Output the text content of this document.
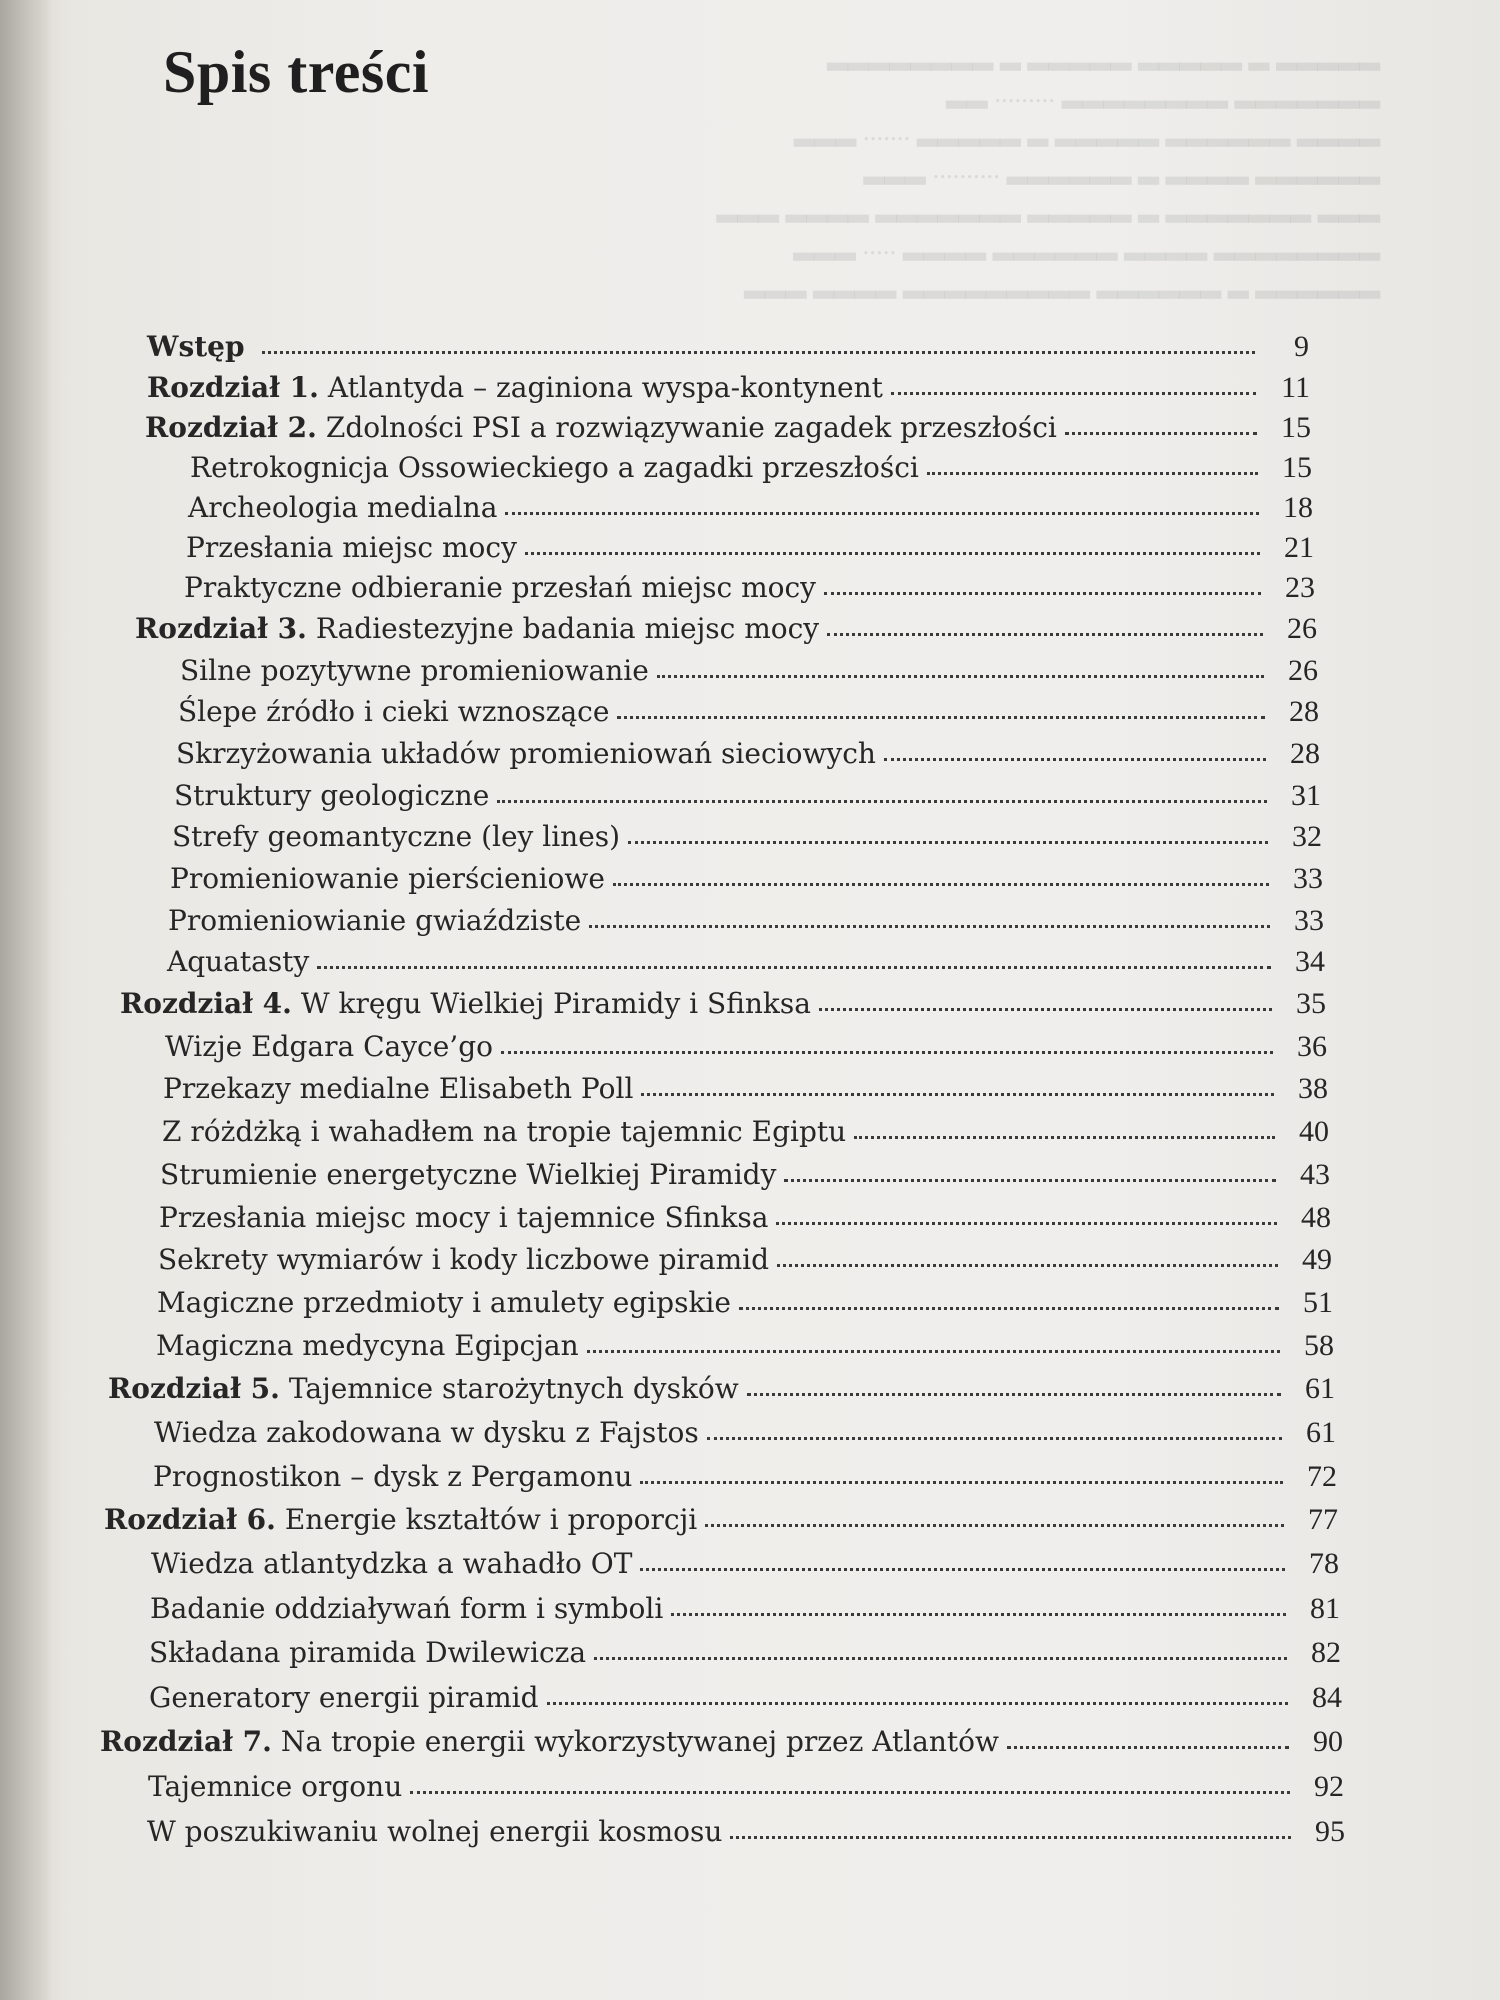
▂▂▂▂▂ ▂ ▂▂▂▂▂ ▂▂▂▂▂ ▂ ▂▂▂▂▂▂▂▂
▂▂▂▂▂▂▂ ▂▂▂▂▂▂▂▂ ......... ▂▂
▂▂▂▂ ▂▂▂▂▂▂ ▂▂▂▂▂ ▂ ▂▂▂▂▂ ....... ▂▂▂
▂▂▂▂▂▂ ▂▂▂▂ ▂ ▂▂▂▂▂▂ .......... ▂▂▂
▂▂▂ ▂▂▂▂▂▂▂ ▂ ▂▂▂▂▂ ▂▂▂▂▂▂▂ ▂▂▂▂ ▂▂▂
▂▂▂▂▂▂▂▂ ▂▂▂▂ ▂▂▂▂▂▂ ▂▂▂▂ ..... ▂▂▂
▂▂▂▂▂▂ ▂ ▂▂▂▂▂▂ ▂▂▂▂▂▂▂▂▂ ▂▂▂▂ ▂▂▂
Spis treści
Wstęp	9
Rozdział 1. Atlantyda – zaginiona wyspa-kontynent	11
Rozdział 2. Zdolności PSI a rozwiązywanie zagadek przeszłości	15
Retrokognicja Ossowieckiego a zagadki przeszłości	15
Archeologia medialna	18
Przesłania miejsc mocy	21
Praktyczne odbieranie przesłań miejsc mocy	23
Rozdział 3. Radiestezyjne badania miejsc mocy	26
Silne pozytywne promieniowanie	26
Ślepe źródło i cieki wznoszące	28
Skrzyżowania układów promieniowań sieciowych	28
Struktury geologiczne	31
Strefy geomantyczne (ley lines)	32
Promieniowanie pierścieniowe	33
Promieniowianie gwiaździste	33
Aquatasty	34
Rozdział 4. W kręgu Wielkiej Piramidy i Sfinksa	35
Wizje Edgara Cayce’go	36
Przekazy medialne Elisabeth Poll	38
Z różdżką i wahadłem na tropie tajemnic Egiptu	40
Strumienie energetyczne Wielkiej Piramidy	43
Przesłania miejsc mocy i tajemnice Sfinksa	48
Sekrety wymiarów i kody liczbowe piramid	49
Magiczne przedmioty i amulety egipskie	51
Magiczna medycyna Egipcjan	58
Rozdział 5. Tajemnice starożytnych dysków	61
Wiedza zakodowana w dysku z Fajstos	61
Prognostikon – dysk z Pergamonu	72
Rozdział 6. Energie kształtów i proporcji	77
Wiedza atlantydzka a wahadło OT	78
Badanie oddziaływań form i symboli	81
Składana piramida Dwilewicza	82
Generatory energii piramid	84
Rozdział 7. Na tropie energii wykorzystywanej przez Atlantów	90
Tajemnice orgonu	92
W poszukiwaniu wolnej energii kosmosu	95
